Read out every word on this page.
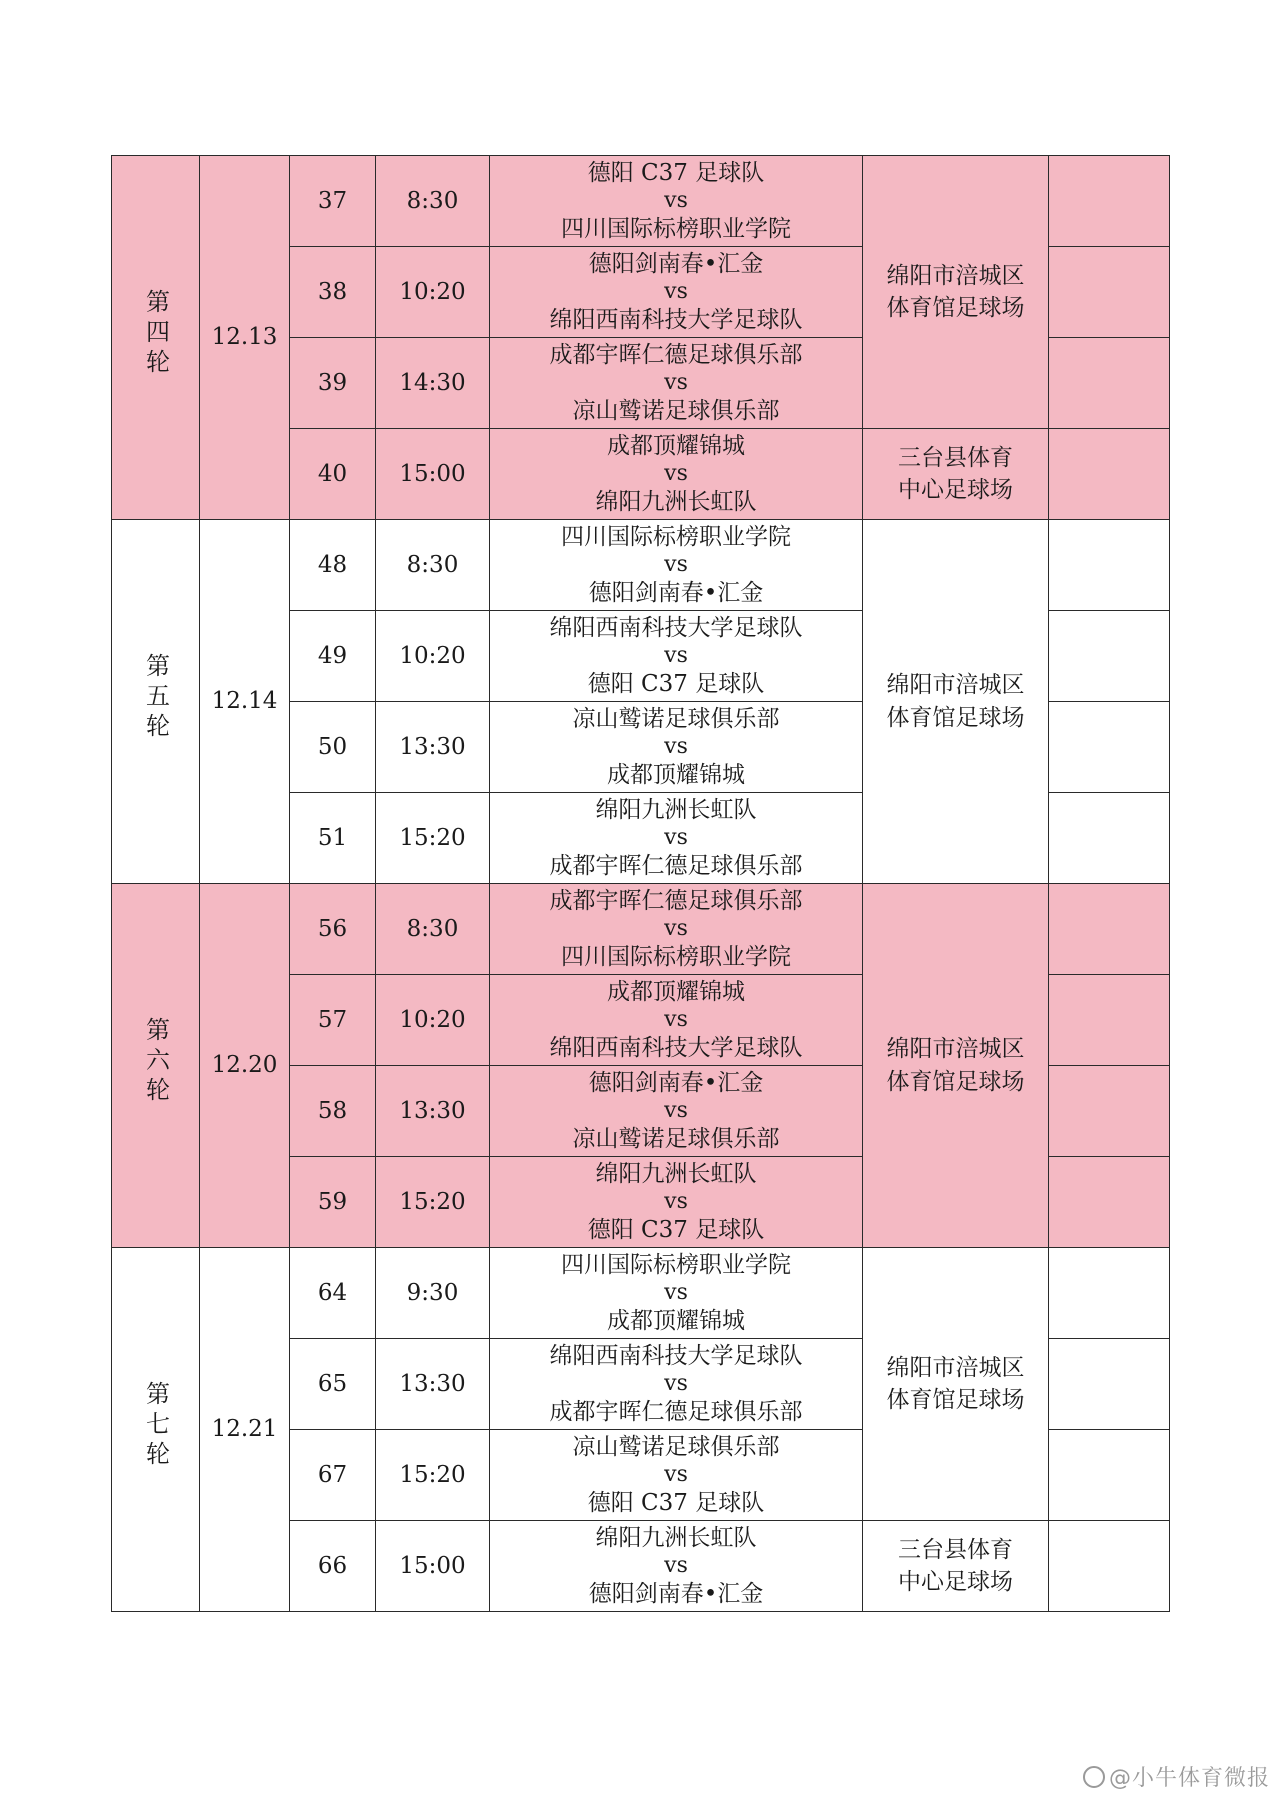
第四轮	12.13	37	8:30	德阳 C37 足球队
vs
四川国际标榜职业学院	绵阳市涪城区
体育馆足球场	

		38	10:20	德阳剑南春•汇金
vs
绵阳西南科技大学足球队		

		39	14:30	成都宇晖仁德足球俱乐部
vs
凉山鹫诺足球俱乐部		

		40	15:00	成都顶耀锦城
vs
绵阳九洲长虹队	三台县体育
中心足球场	

第五轮	12.14	48	8:30	四川国际标榜职业学院
vs
德阳剑南春•汇金	绵阳市涪城区
体育馆足球场	

		49	10:20	绵阳西南科技大学足球队
vs
德阳 C37 足球队		

		50	13:30	凉山鹫诺足球俱乐部
vs
成都顶耀锦城		

		51	15:20	绵阳九洲长虹队
vs
成都宇晖仁德足球俱乐部		

第六轮	12.20	56	8:30	成都宇晖仁德足球俱乐部
vs
四川国际标榜职业学院	绵阳市涪城区
体育馆足球场	

		57	10:20	成都顶耀锦城
vs
绵阳西南科技大学足球队		

		58	13:30	德阳剑南春•汇金
vs
凉山鹫诺足球俱乐部		

		59	15:20	绵阳九洲长虹队
vs
德阳 C37 足球队		

第七轮	12.21	64	9:30	四川国际标榜职业学院
vs
成都顶耀锦城	绵阳市涪城区
体育馆足球场	

		65	13:30	绵阳西南科技大学足球队
vs
成都宇晖仁德足球俱乐部		

		67	15:20	凉山鹫诺足球俱乐部
vs
德阳 C37 足球队		

		66	15:00	绵阳九洲长虹队
vs
德阳剑南春•汇金	三台县体育
中心足球场	

@小牛体育微报
